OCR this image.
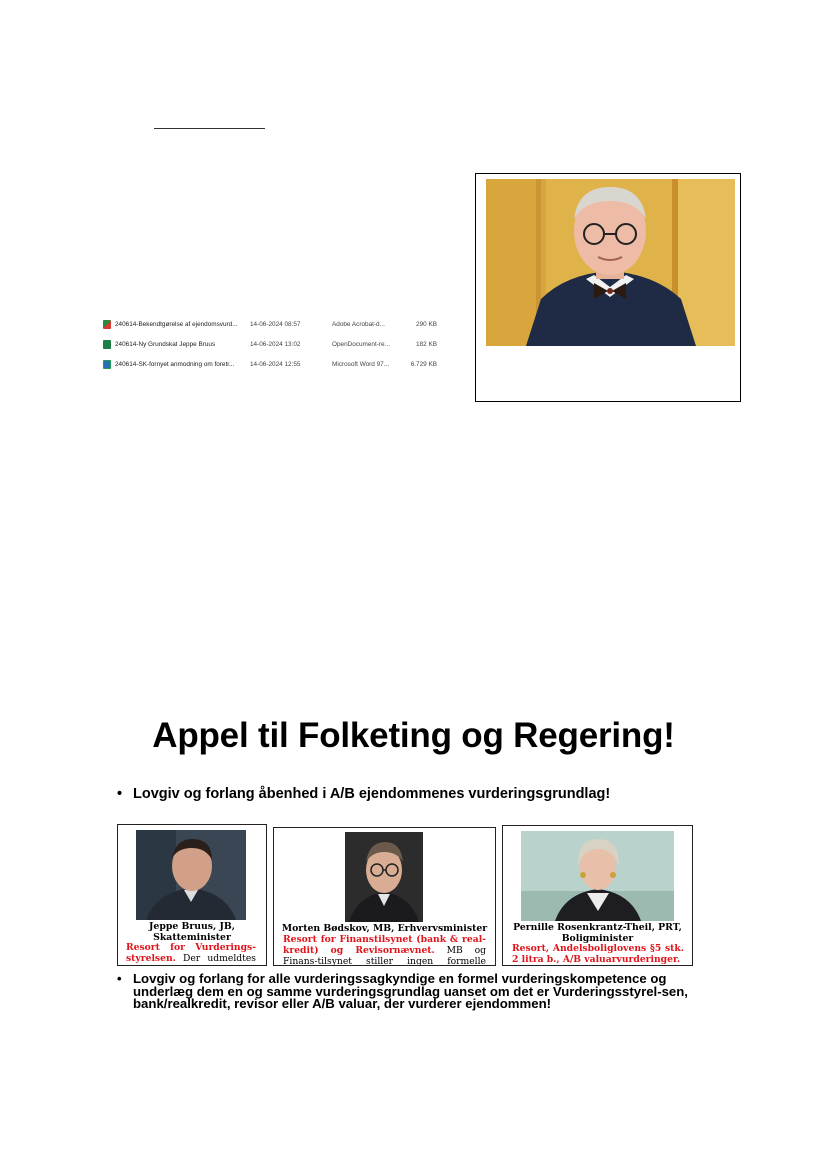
240614-Bekendtgørelse af ejendomsvurd...	14-06-2024 08:57	Adobe Acrobat-d...	290 KB
240614-Ny Grundskat Jeppe Bruus	14-06-2024 13:02	OpenDocument-re...	182 KB
240614-SK-fornyet anmodning om foretr...	14-06-2024 12:55	Microsoft Word 97...	6.729 KB
Appel til Folketing og Regering!
• Lovgiv og forlang åbenhed i A/B ejendommenes vurderingsgrundlag!
Jeppe Bruus, JB,
Skatteminister
Resort for Vurderings-styrelsen. Der udmeldtes
Morten Bødskov, MB, Erhvervsminister
Resort for Finanstilsynet (bank & real-kredit) og Revisornævnet. MB og Finans-tilsynet stiller ingen formelle
Pernille Rosenkrantz-Theil, PRT,
Boligminister
Resort, Andelsboliglovens §5 stk. 2 litra b., A/B valuarvurderinger.
• Lovgiv og forlang for alle vurderingssagkyndige en formel vurderingskompetence og underlæg dem en og samme vurderingsgrundlag uanset om det er Vurderingsstyrel-sen, bank/realkredit, revisor eller A/B valuar, der vurderer ejendommen!
